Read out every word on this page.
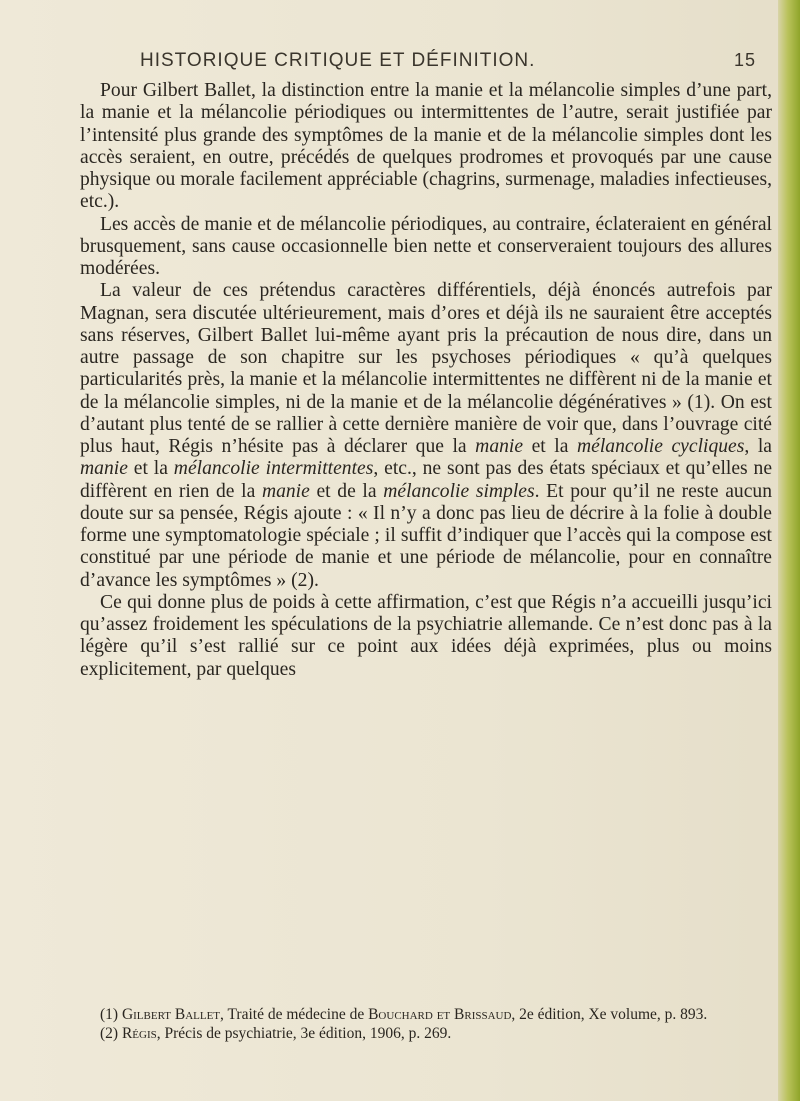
HISTORIQUE CRITIQUE ET DÉFINITION.	15

Pour Gilbert Ballet, la distinction entre la manie et la mélancolie simples d’une part, la manie et la mélancolie périodiques ou intermittentes de l’autre, serait justifiée par l’intensité plus grande des symptômes de la manie et de la mélancolie simples dont les accès seraient, en outre, précédés de quelques prodromes et provoqués par une cause physique ou morale facilement appréciable (chagrins, surmenage, maladies infectieuses, etc.).

Les accès de manie et de mélancolie périodiques, au contraire, éclateraient en général brusquement, sans cause occasionnelle bien nette et conserveraient toujours des allures modérées.

La valeur de ces prétendus caractères différentiels, déjà énoncés autrefois par Magnan, sera discutée ultérieurement, mais d’ores et déjà ils ne sauraient être acceptés sans réserves, Gilbert Ballet lui-même ayant pris la précaution de nous dire, dans un autre passage de son chapitre sur les psychoses périodiques « qu’à quelques particularités près, la manie et la mélancolie intermittentes ne diffèrent ni de la manie et de la mélancolie simples, ni de la manie et de la mélancolie dégénératives » (1). On est d’autant plus tenté de se rallier à cette dernière manière de voir que, dans l’ouvrage cité plus haut, Régis n’hésite pas à déclarer que la manie et la mélancolie cycliques, la manie et la mélancolie intermittentes, etc., ne sont pas des états spéciaux et qu’elles ne diffèrent en rien de la manie et de la mélancolie simples. Et pour qu’il ne reste aucun doute sur sa pensée, Régis ajoute : « Il n’y a donc pas lieu de décrire à la folie à double forme une symptomatologie spéciale ; il suffit d’indiquer que l’accès qui la compose est constitué par une période de manie et une période de mélancolie, pour en connaître d’avance les symptômes » (2).

Ce qui donne plus de poids à cette affirmation, c’est que Régis n’a accueilli jusqu’ici qu’assez froidement les spéculations de la psychiatrie allemande. Ce n’est donc pas à la légère qu’il s’est rallié sur ce point aux idées déjà exprimées, plus ou moins explicitement, par quelques

(1) Gilbert Ballet, Traité de médecine de Bouchard et Brissaud, 2e édition, Xe volume, p. 893.

(2) Régis, Précis de psychiatrie, 3e édition, 1906, p. 269.
